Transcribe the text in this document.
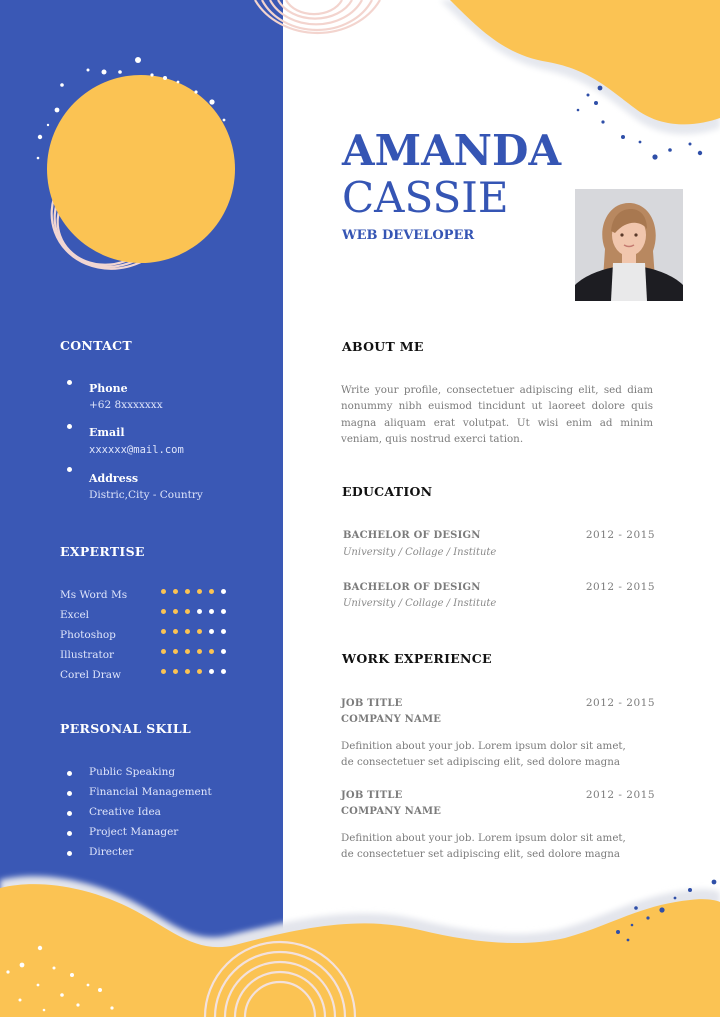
AMANDA
CASSIE
WEB DEVELOPER
CONTACT
Phone
+62 8xxxxxxx
Email
xxxxxx@mail.com
Address
Distric,City - Country
EXPERTISE
PERSONAL SKILL
ABOUT ME

Write your profile, consectetuer adipiscing elit, sed diam nonummy nibh euismod tincidunt ut laoreet dolore quis magna aliquam erat volutpat. Ut wisi enim ad minim veniam, quis nostrud exerci tation.

EDUCATION
BACHELOR OF DESIGN
University / Collage / Institute
2012 - 2015
BACHELOR OF DESIGN
University / Collage / Institute
2012 - 2015
WORK EXPERIENCE
JOB TITLE
COMPANY NAME
2012 - 2015

Definition about your job. Lorem ipsum dolor sit amet, de consectetuer set adipiscing elit, sed dolore magna

JOB TITLE
COMPANY NAME
2012 - 2015

Definition about your job. Lorem ipsum dolor sit amet, de consectetuer set adipiscing elit, sed dolore magna

Ms Word Ms
Excel
Photoshop
Illustrator
Corel Draw
Public Speaking
Financial Management
Creative Idea
Project Manager
Directer
